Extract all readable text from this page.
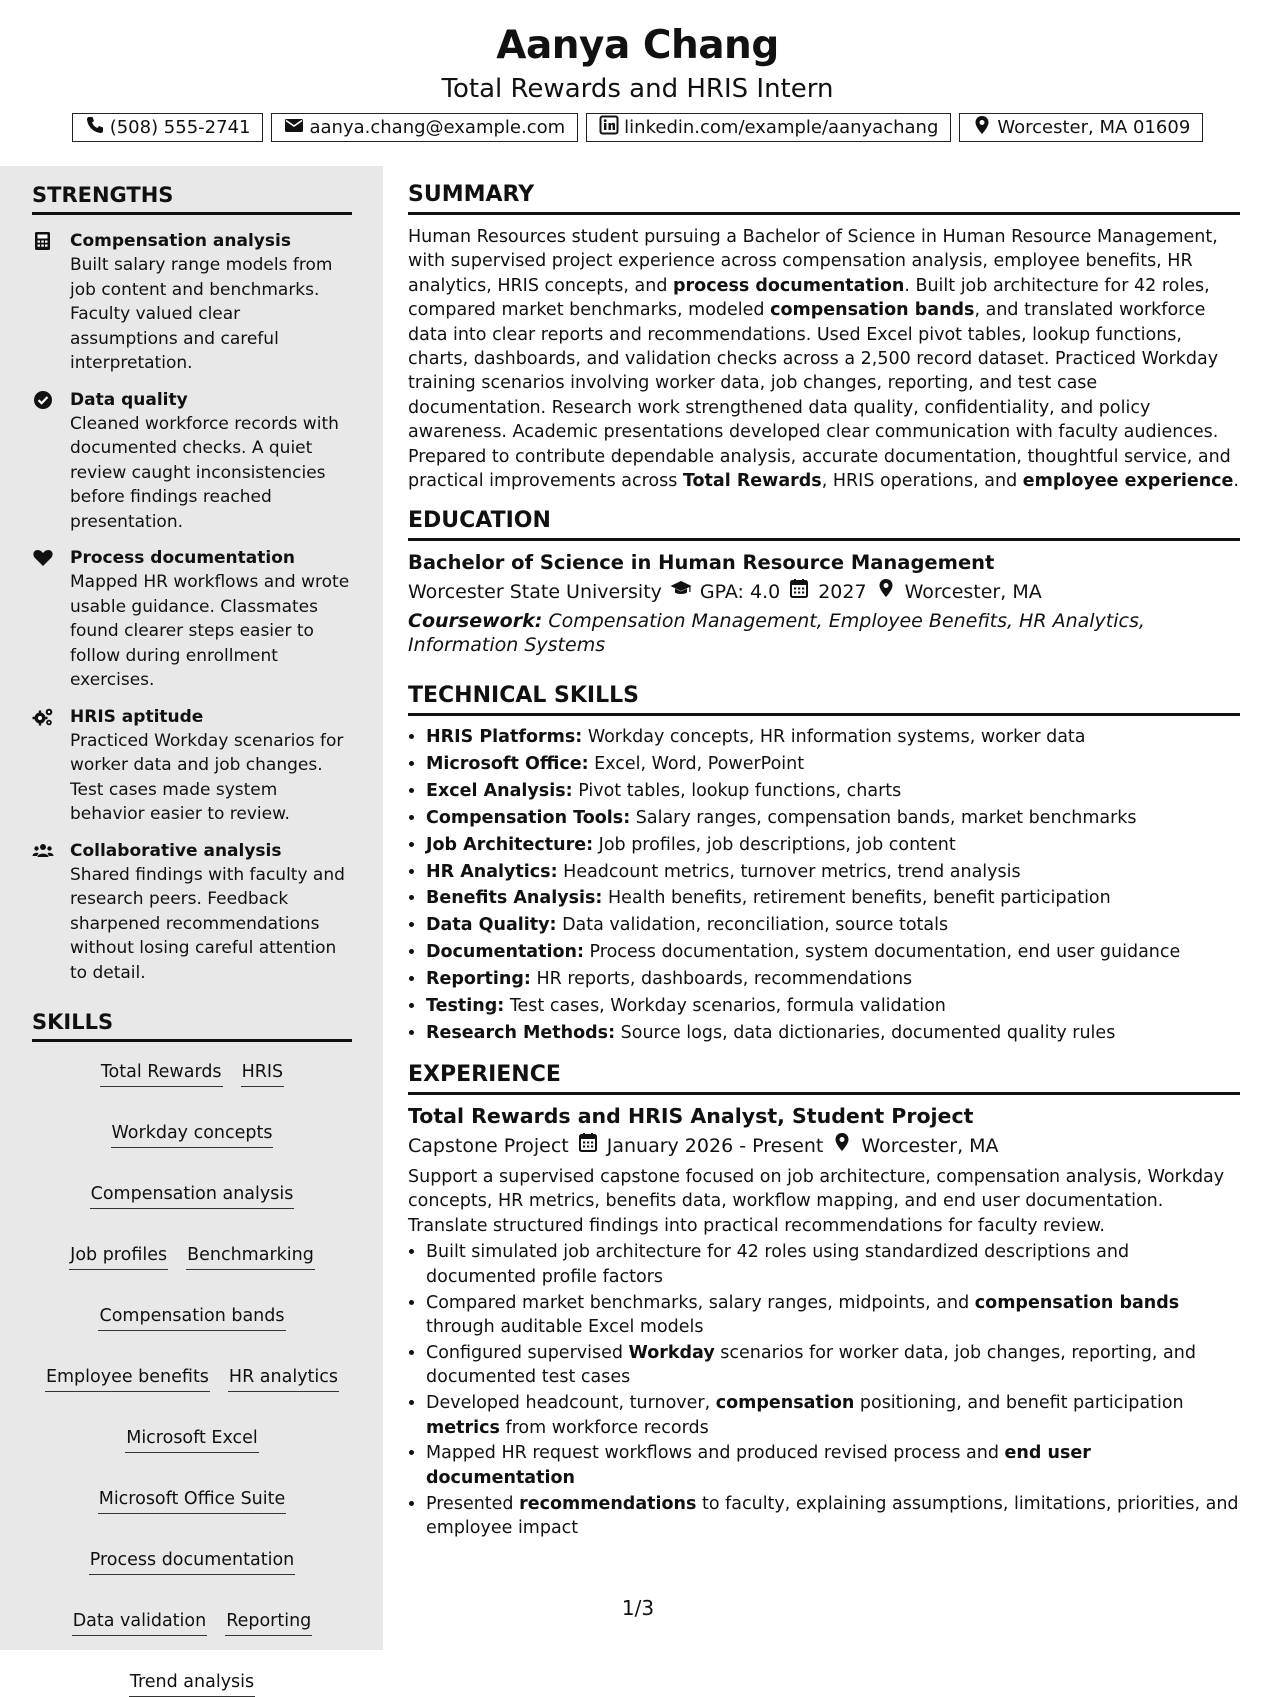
Aanya Chang
Total Rewards and HRIS Intern
(508) 555-2741	aanya.chang@example.com	linkedin.com/example/aanyachang	Worcester, MA 01609
STRENGTHS
Compensation analysis
Built salary range models from job content and benchmarks. Faculty valued clear assumptions and careful interpretation.
Data quality
Cleaned workforce records with documented checks. A quiet review caught inconsistencies before findings reached presentation.
Process documentation
Mapped HR workflows and wrote usable guidance. Classmates found clearer steps easier to follow during enrollment exercises.
HRIS aptitude
Practiced Workday scenarios for worker data and job changes. Test cases made system behavior easier to review.
Collaborative analysis
Shared findings with faculty and research peers. Feedback sharpened recommendations without losing careful attention to detail.
SKILLS
Total Rewards HRIS
Workday concepts
Compensation analysis
Job profiles Benchmarking
Compensation bands
Employee benefits HR analytics
Microsoft Excel
Microsoft Office Suite
Process documentation
Data validation Reporting
Trend analysis
SUMMARY
Human Resources student pursuing a Bachelor of Science in Human Resource Management, with supervised project experience across compensation analysis, employee benefits, HR analytics, HRIS concepts, and process documentation. Built job architecture for 42 roles, compared market benchmarks, modeled compensation bands, and translated workforce data into clear reports and recommendations. Used Excel pivot tables, lookup functions, charts, dashboards, and validation checks across a 2,500 record dataset. Practiced Workday training scenarios involving worker data, job changes, reporting, and test case documentation. Research work strengthened data quality, confidentiality, and policy awareness. Academic presentations developed clear communication with faculty audiences. Prepared to contribute dependable analysis, accurate documentation, thoughtful service, and practical improvements across Total Rewards, HRIS operations, and employee experience.
EDUCATION
Bachelor of Science in Human Resource Management
Worcester State University GPA: 4.0 2027 Worcester, MA
Coursework: Compensation Management, Employee Benefits, HR Analytics, Information Systems
TECHNICAL SKILLS
• HRIS Platforms: Workday concepts, HR information systems, worker data
• Microsoft Office: Excel, Word, PowerPoint
• Excel Analysis: Pivot tables, lookup functions, charts
• Compensation Tools: Salary ranges, compensation bands, market benchmarks
• Job Architecture: Job profiles, job descriptions, job content
• HR Analytics: Headcount metrics, turnover metrics, trend analysis
• Benefits Analysis: Health benefits, retirement benefits, benefit participation
• Data Quality: Data validation, reconciliation, source totals
• Documentation: Process documentation, system documentation, end user guidance
• Reporting: HR reports, dashboards, recommendations
• Testing: Test cases, Workday scenarios, formula validation
• Research Methods: Source logs, data dictionaries, documented quality rules
EXPERIENCE
Total Rewards and HRIS Analyst, Student Project
Capstone Project January 2026 - Present Worcester, MA
Support a supervised capstone focused on job architecture, compensation analysis, Workday concepts, HR metrics, benefits data, workflow mapping, and end user documentation. Translate structured findings into practical recommendations for faculty review.
• Built simulated job architecture for 42 roles using standardized descriptions and documented profile factors
• Compared market benchmarks, salary ranges, midpoints, and compensation bands through auditable Excel models
• Configured supervised Workday scenarios for worker data, job changes, reporting, and documented test cases
• Developed headcount, turnover, compensation positioning, and benefit participation metrics from workforce records
• Mapped HR request workflows and produced revised process and end user documentation
• Presented recommendations to faculty, explaining assumptions, limitations, priorities, and employee impact
1/3
